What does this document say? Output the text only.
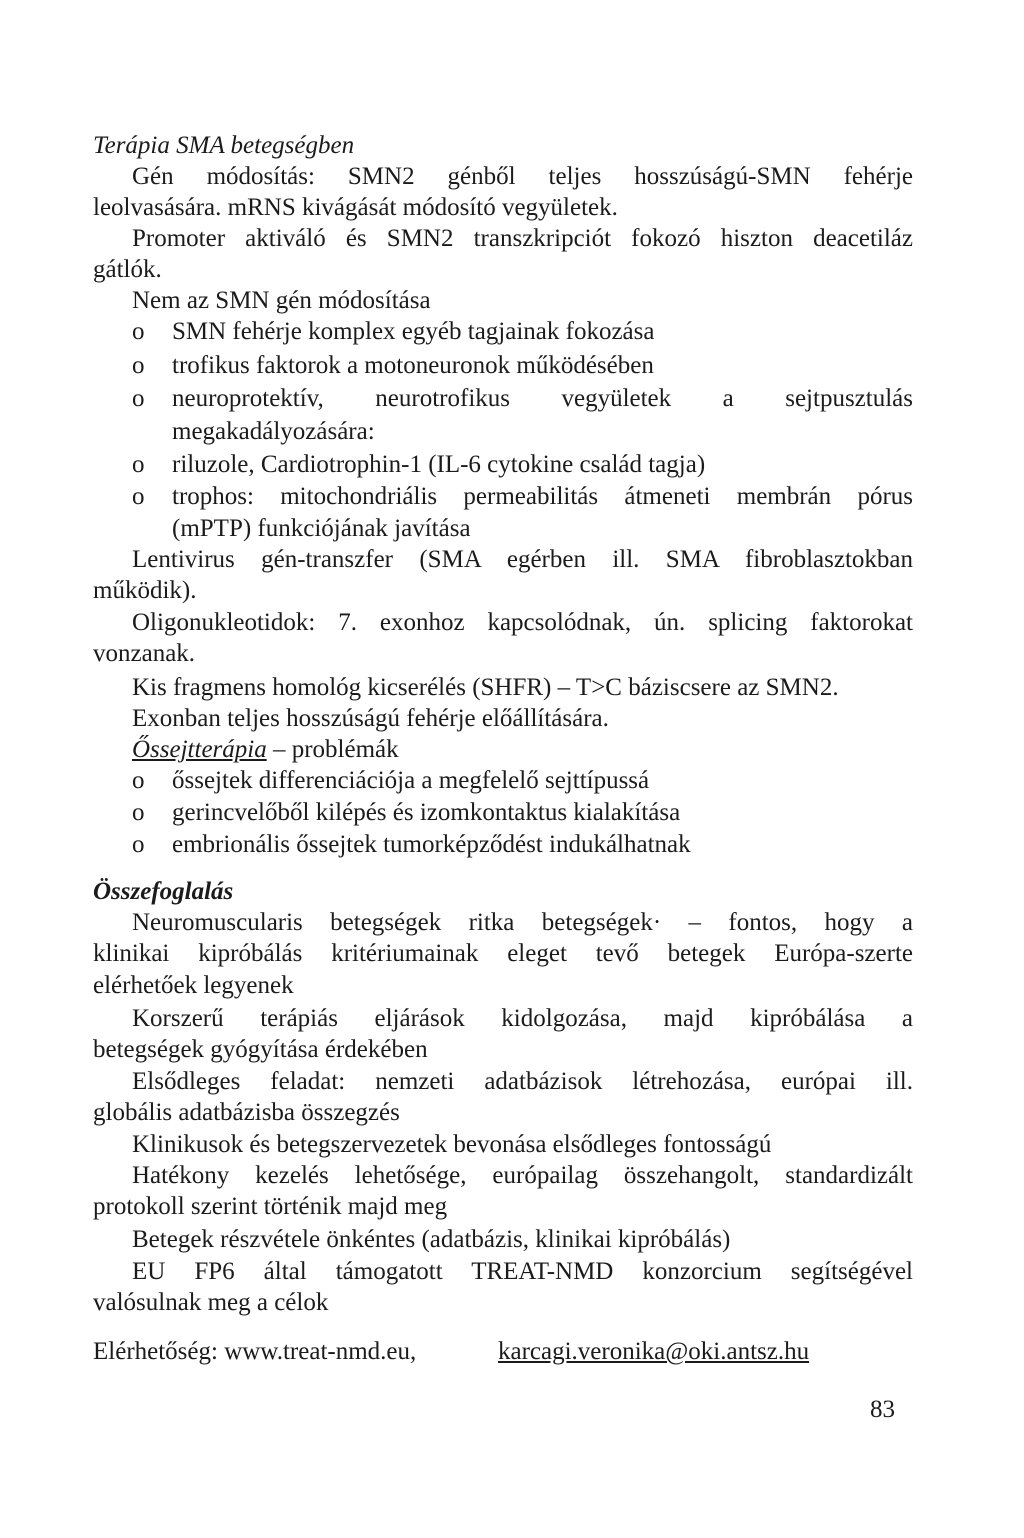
Terápia SMA betegségben
Gén módosítás: SMN2 génből teljes hosszúságú-SMN fehérje
leolvasására. mRNS kivágását módosító vegyületek.
Promoter aktiváló és SMN2 transzkripciót fokozó hiszton deacetiláz
gátlók.
Nem az SMN gén módosítása
o SMN fehérje komplex egyéb tagjainak fokozása
o trofikus faktorok a motoneuronok működésében
o neuroprotektív, neurotrofikus vegyületek a sejtpusztulás
megakadályozására:
o riluzole, Cardiotrophin-1 (IL-6 cytokine család tagja)
o trophos: mitochondriális permeabilitás átmeneti membrán pórus
(mPTP) funkciójának javítása
Lentivirus gén-transzfer (SMA egérben ill. SMA fibroblasztokban
működik).
Oligonukleotidok: 7. exonhoz kapcsolódnak, ún. splicing faktorokat
vonzanak.
Kis fragmens homológ kicserélés (SHFR) – T>C báziscsere az SMN2.
Exonban teljes hosszúságú fehérje előállítására.
Őssejtterápia – problémák
o őssejtek differenciációja a megfelelő sejttípussá
o gerincvelőből kilépés és izomkontaktus kialakítása
o embrionális őssejtek tumorképződést indukálhatnak
Összefoglalás
Neuromuscularis betegségek ritka betegségek· – fontos, hogy a
klinikai kipróbálás kritériumainak eleget tevő betegek Európa-szerte
elérhetőek legyenek
Korszerű terápiás eljárások kidolgozása, majd kipróbálása a
betegségek gyógyítása érdekében
Elsődleges feladat: nemzeti adatbázisok létrehozása, európai ill.
globális adatbázisba összegzés
Klinikusok és betegszervezetek bevonása elsődleges fontosságú
Hatékony kezelés lehetősége, európailag összehangolt, standardizált
protokoll szerint történik majd meg
Betegek részvétele önkéntes (adatbázis, klinikai kipróbálás)
EU FP6 által támogatott TREAT-NMD konzorcium segítségével
valósulnak meg a célok
Elérhetőség: www.treat-nmd.eu,	karcagi.veronika@oki.antsz.hu
83
